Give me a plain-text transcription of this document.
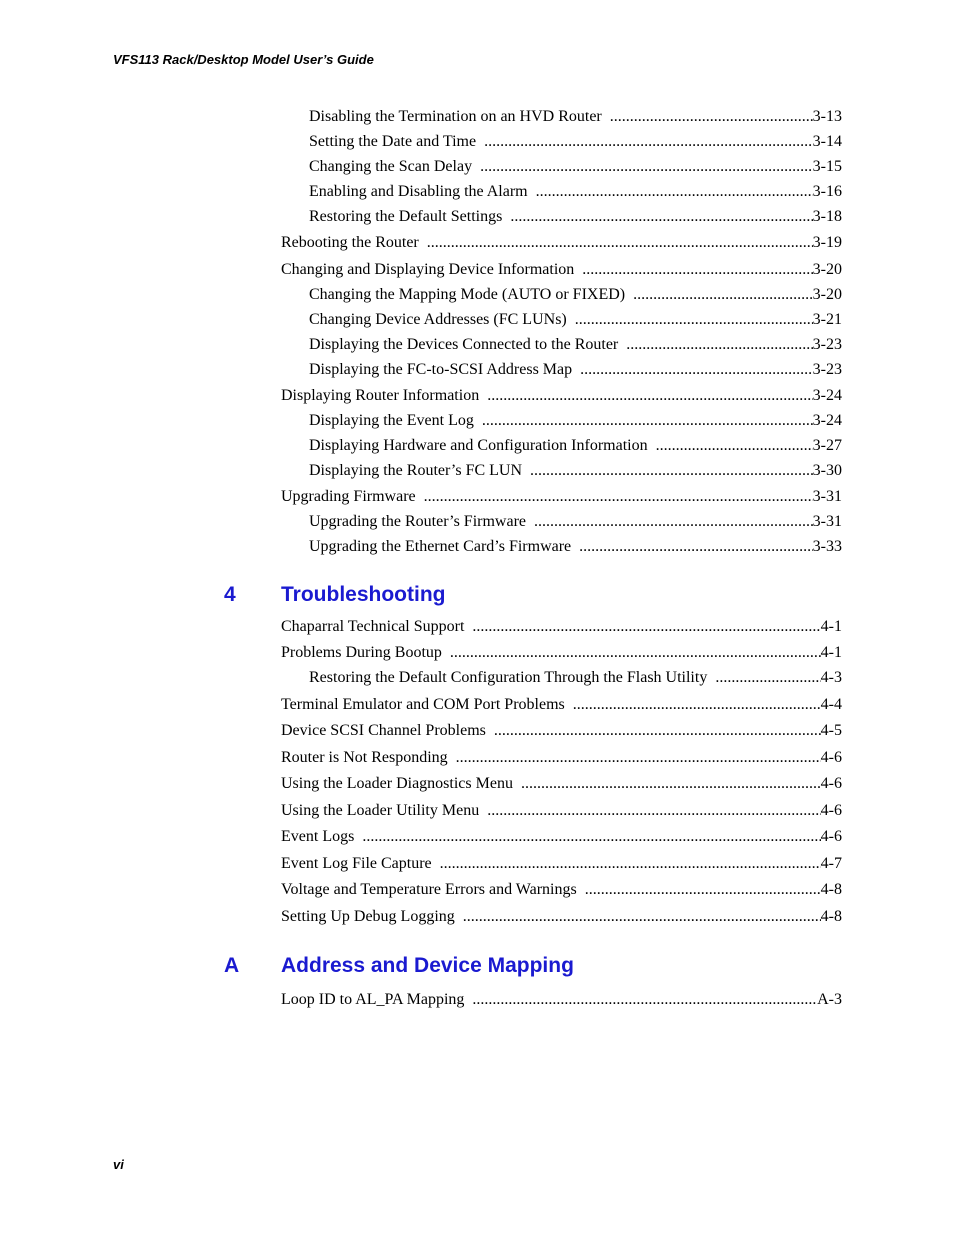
VFS113 Rack/Desktop Model User’s Guide
4 Troubleshooting
A Address and Device Mapping
Disabling the Termination on an HVD Router .....	3-13
Setting the Date and Time .....	3-14
Changing the Scan Delay .....	3-15
Enabling and Disabling the Alarm .....	3-16
Restoring the Default Settings .....	3-18
Rebooting the Router .....	3-19
Changing and Displaying Device Information .....	3-20
Changing the Mapping Mode (AUTO or FIXED) .....	3-20
Changing Device Addresses (FC LUNs) .....	3-21
Displaying the Devices Connected to the Router .....	3-23
Displaying the FC-to-SCSI Address Map .....	3-23
Displaying Router Information .....	3-24
Displaying the Event Log .....	3-24
Displaying Hardware and Configuration Information .....	3-27
Displaying the Router’s FC LUN .....	3-30
Upgrading Firmware .....	3-31
Upgrading the Router’s Firmware .....	3-31
Upgrading the Ethernet Card’s Firmware .....	3-33
Chaparral Technical Support .....	4-1
Problems During Bootup .....	4-1
Restoring the Default Configuration Through the Flash Utility .....	4-3
Terminal Emulator and COM Port Problems .....	4-4
Device SCSI Channel Problems .....	4-5
Router is Not Responding .....	4-6
Using the Loader Diagnostics Menu .....	4-6
Using the Loader Utility Menu .....	4-6
Event Logs .....	4-6
Event Log File Capture .....	4-7
Voltage and Temperature Errors and Warnings .....	4-8
Setting Up Debug Logging .....	4-8
Loop ID to AL_PA Mapping .....	A-3
vi
